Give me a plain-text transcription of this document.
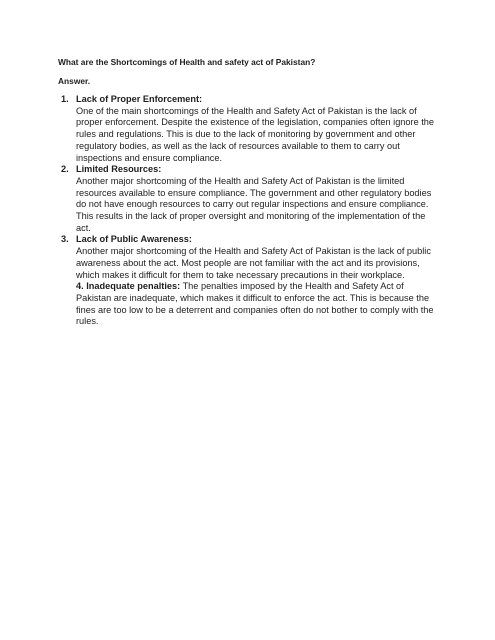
What are the Shortcomings of Health and safety act of Pakistan?
Answer.
1. Lack of Proper Enforcement:
One of the main shortcomings of the Health and Safety Act of Pakistan is the lack of proper enforcement. Despite the existence of the legislation, companies often ignore the rules and regulations. This is due to the lack of monitoring by government and other regulatory bodies, as well as the lack of resources available to them to carry out inspections and ensure compliance.
2. Limited Resources:
Another major shortcoming of the Health and Safety Act of Pakistan is the limited resources available to ensure compliance. The government and other regulatory bodies do not have enough resources to carry out regular inspections and ensure compliance. This results in the lack of proper oversight and monitoring of the implementation of the act.
3. Lack of Public Awareness:
Another major shortcoming of the Health and Safety Act of Pakistan is the lack of public awareness about the act. Most people are not familiar with the act and its provisions, which makes it difficult for them to take necessary precautions in their workplace.
4. Inadequate penalties: The penalties imposed by the Health and Safety Act of Pakistan are inadequate, which makes it difficult to enforce the act. This is because the fines are too low to be a deterrent and companies often do not bother to comply with the rules.
